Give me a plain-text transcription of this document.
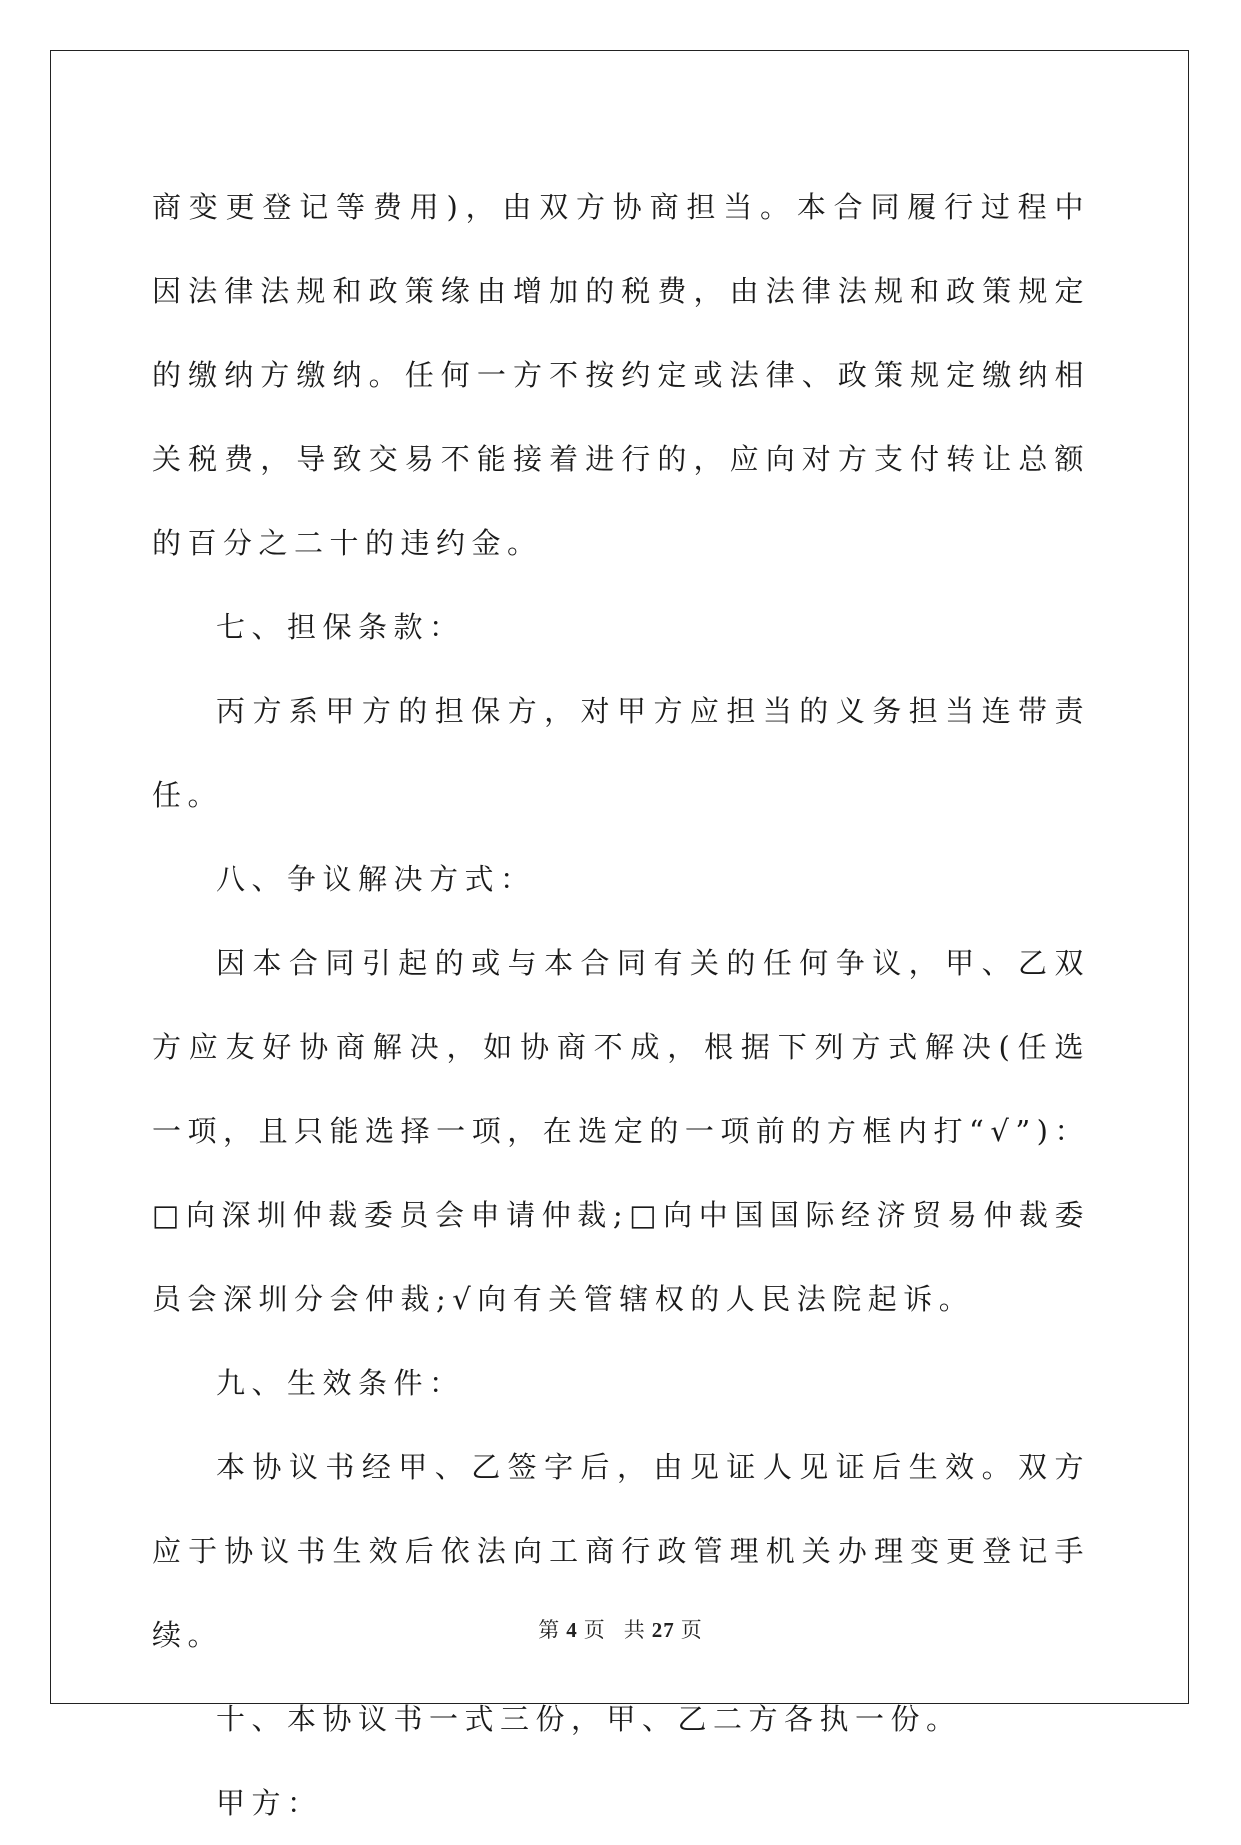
商变更登记等费用)，由双方协商担当。本合同履行过程中因法律法规和政策缘由增加的税费，由法律法规和政策规定的缴纳方缴纳。任何一方不按约定或法律、政策规定缴纳相关税费，导致交易不能接着进行的，应向对方支付转让总额的百分之二十的违约金。

七、担保条款：

丙方系甲方的担保方，对甲方应担当的义务担当连带责任。

八、争议解决方式：

因本合同引起的或与本合同有关的任何争议，甲、乙双方应友好协商解决，如协商不成，根据下列方式解决(任选一项，且只能选择一项，在选定的一项前的方框内打“√”)：□向深圳仲裁委员会申请仲裁;□向中国国际经济贸易仲裁委员会深圳分会仲裁;√向有关管辖权的人民法院起诉。

九、生效条件：

本协议书经甲、乙签字后，由见证人见证后生效。双方应于协议书生效后依法向工商行政管理机关办理变更登记手续。

十、本协议书一式三份，甲、乙二方各执一份。

甲方：

第 4 页 共 27 页
